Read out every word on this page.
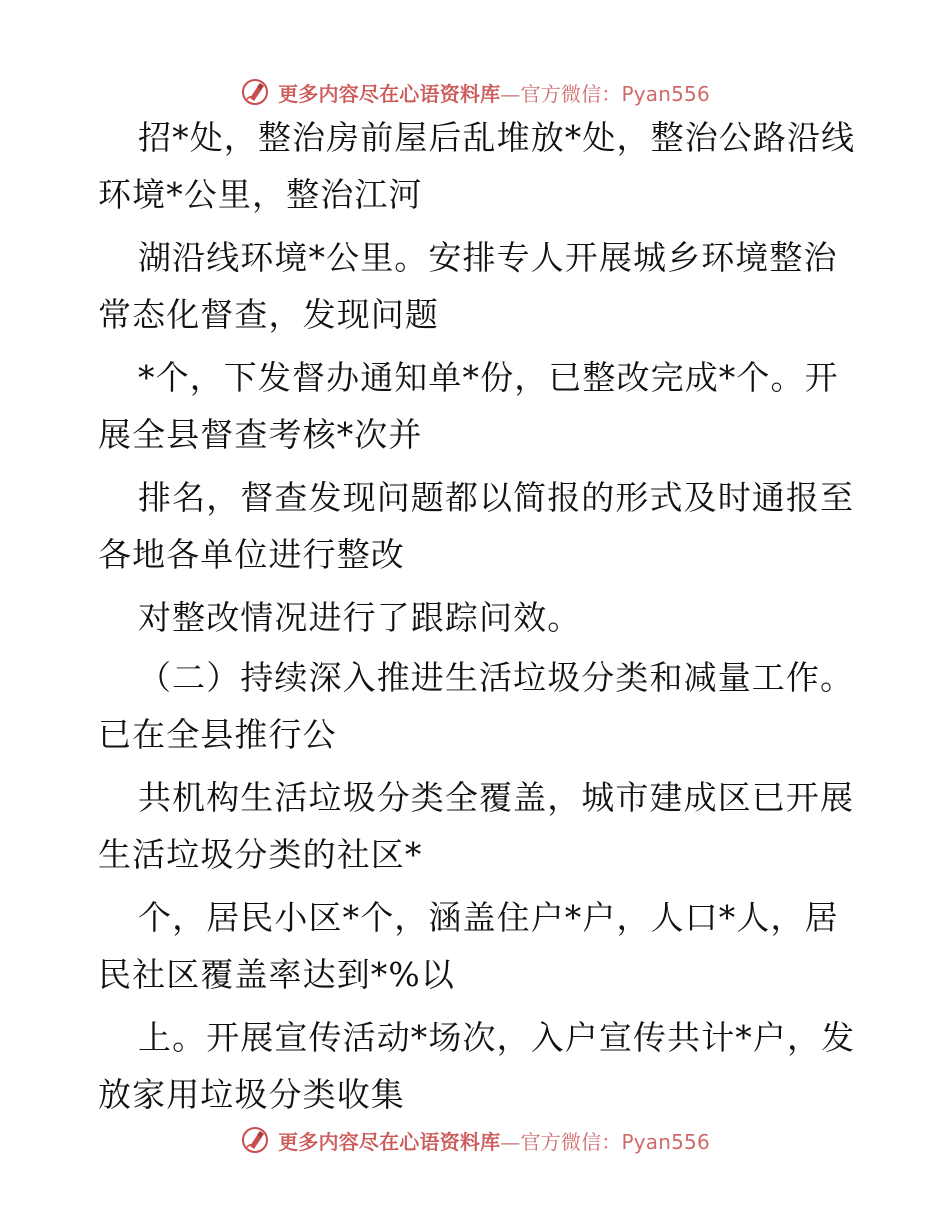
更多内容尽在心语资料库—官方微信：Pyan556
招*处，整治房前屋后乱堆放*处，整治公路沿线
环境*公里，整治江河
湖沿线环境*公里。安排专人开展城乡环境整治
常态化督查，发现问题
*个，下发督办通知单*份，已整改完成*个。开
展全县督查考核*次并
排名，督查发现问题都以简报的形式及时通报至
各地各单位进行整改
对整改情况进行了跟踪问效。
（二）持续深入推进生活垃圾分类和减量工作。
已在全县推行公
共机构生活垃圾分类全覆盖，城市建成区已开展
生活垃圾分类的社区*
个，居民小区*个，涵盖住户*户，人口*人，居
民社区覆盖率达到*%以
上。开展宣传活动*场次，入户宣传共计*户，发
放家用垃圾分类收集
更多内容尽在心语资料库—官方微信：Pyan556
